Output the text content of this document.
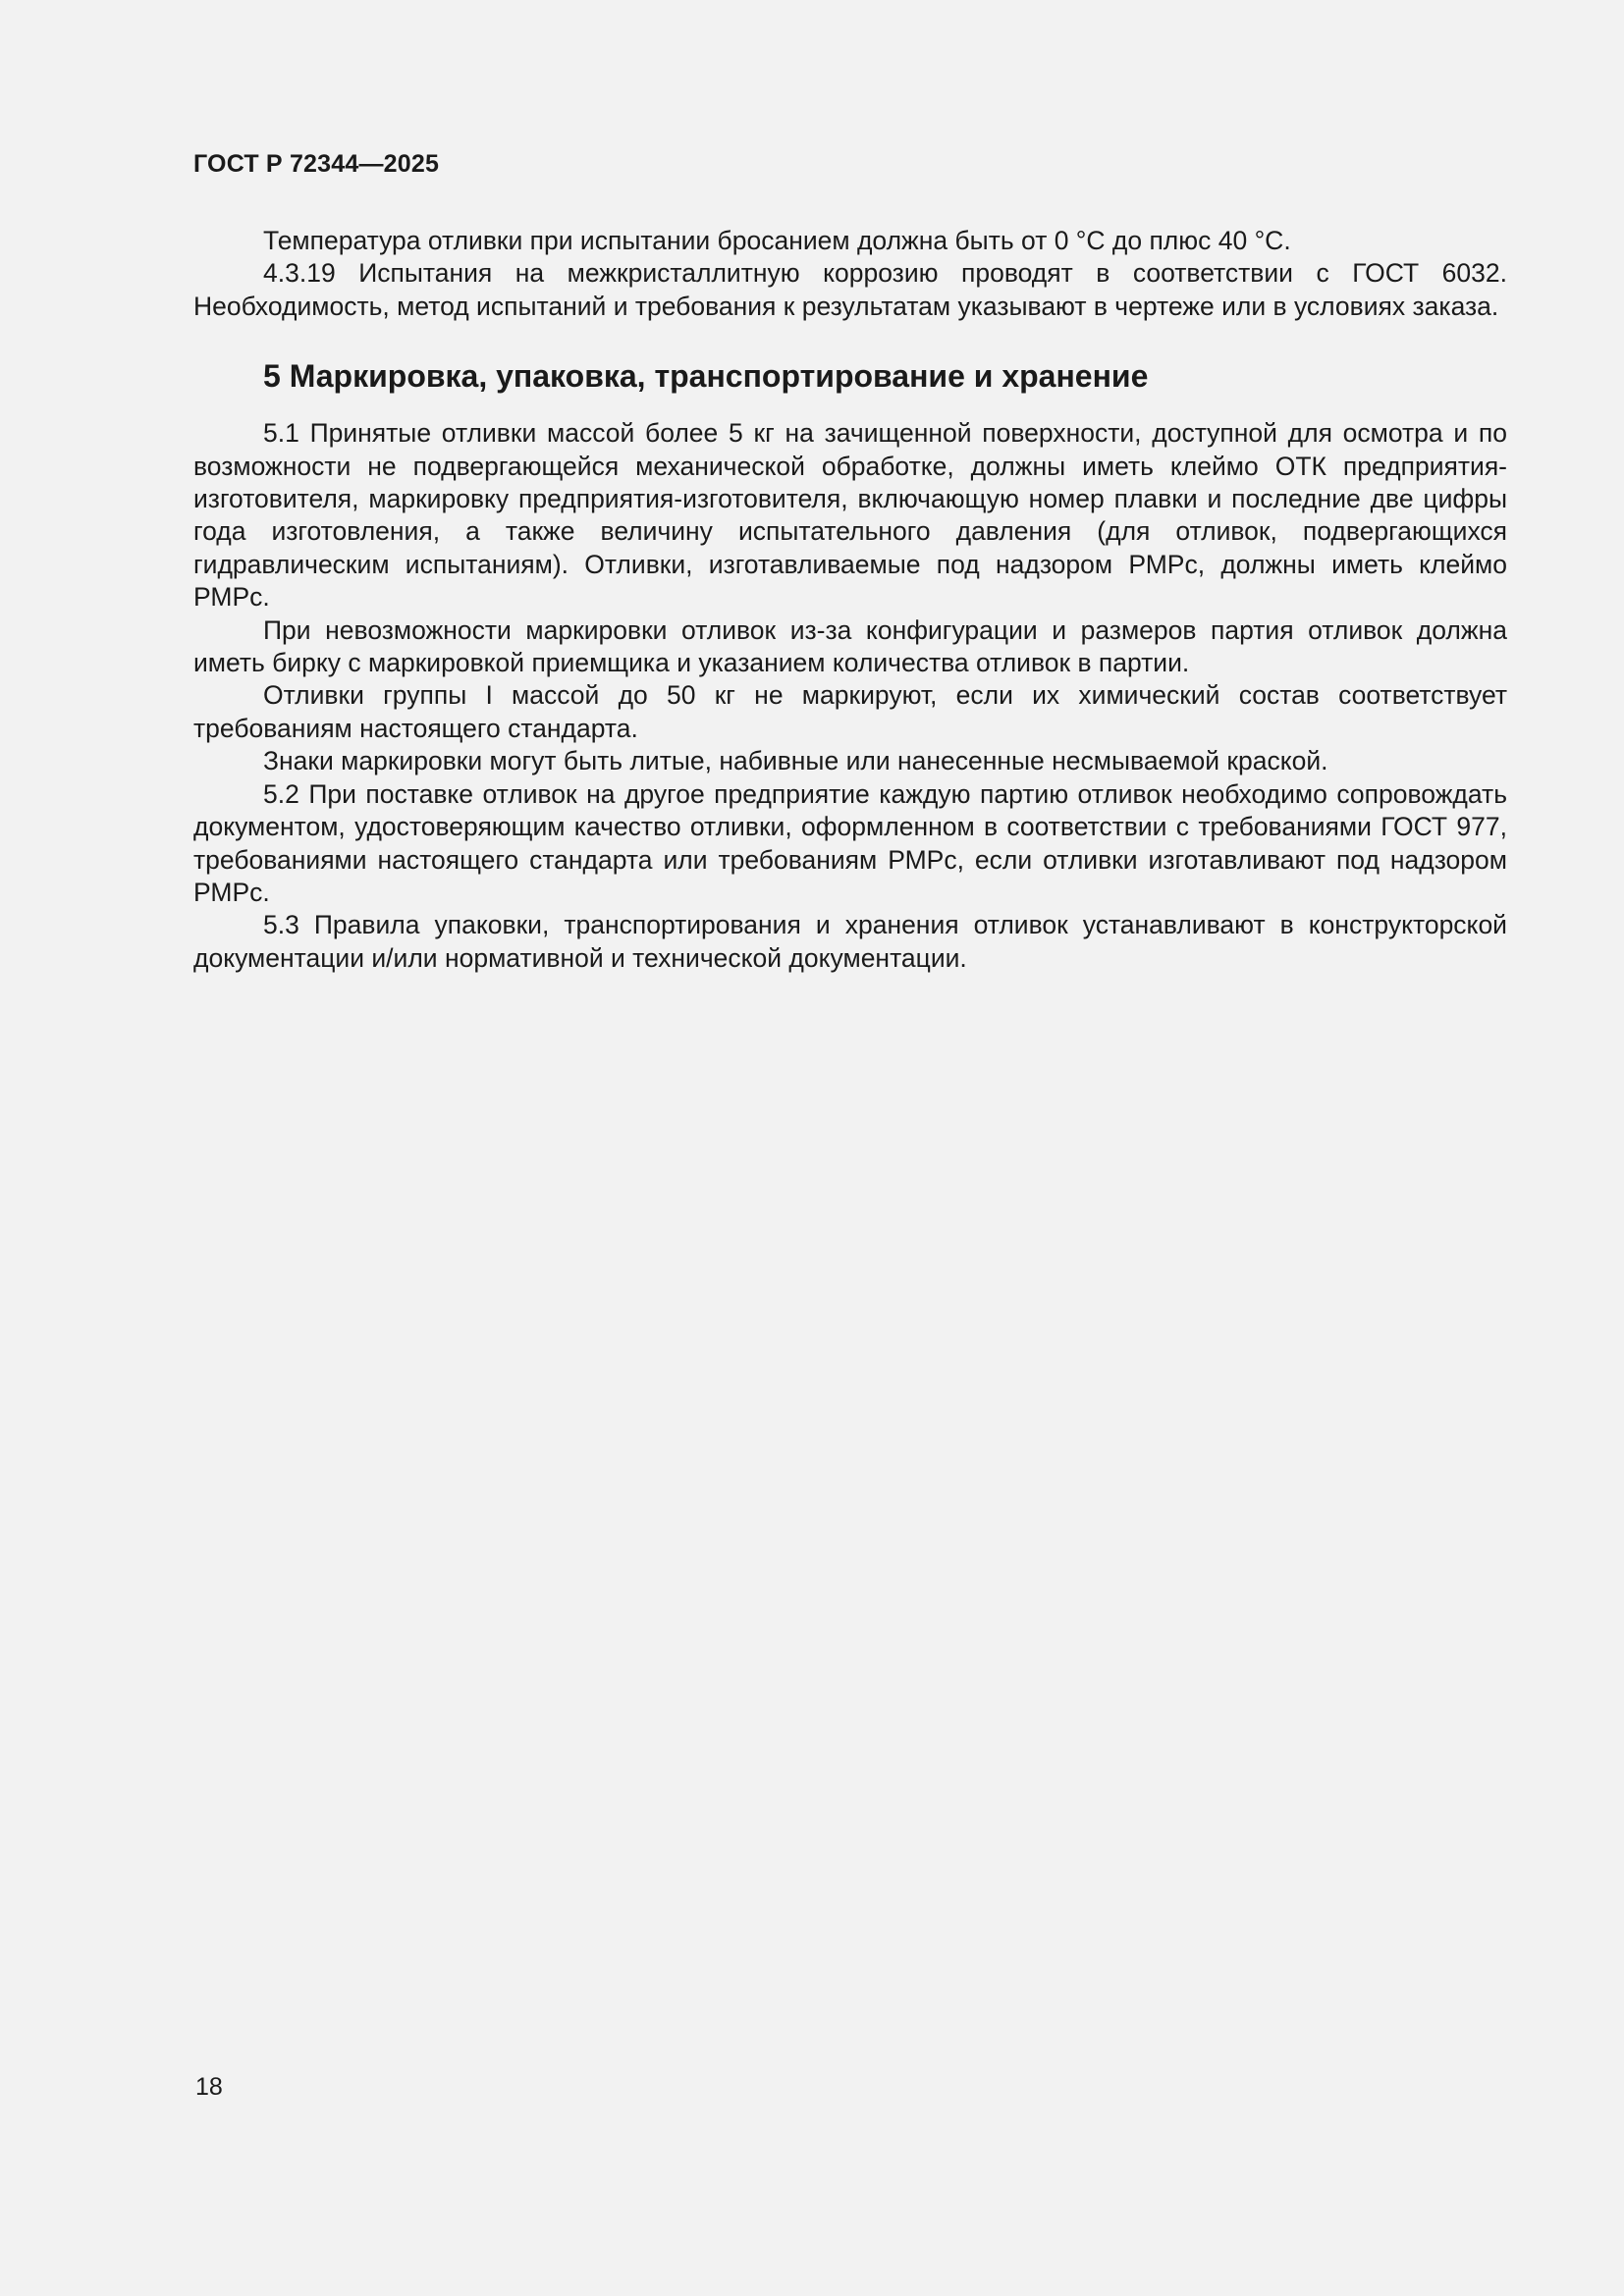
ГОСТ Р 72344—2025

Температура отливки при испытании бросанием должна быть от 0 °С до плюс 40 °С.

4.3.19 Испытания на межкристаллитную коррозию проводят в соответствии с ГОСТ 6032. Необходимость, метод испытаний и требования к результатам указывают в чертеже или в условиях заказа.

5 Маркировка, упаковка, транспортирование и хранение

5.1 Принятые отливки массой более 5 кг на зачищенной поверхности, доступной для осмотра и по возможности не подвергающейся механической обработке, должны иметь клеймо ОТК предприятия-изготовителя, маркировку предприятия-изготовителя, включающую номер плавки и последние две цифры года изготовления, а также величину испытательного давления (для отливок, подвергающихся гидравлическим испытаниям). Отливки, изготавливаемые под надзором РМРс, должны иметь клеймо РМРс.

При невозможности маркировки отливок из-за конфигурации и размеров партия отливок должна иметь бирку с маркировкой приемщика и указанием количества отливок в партии.

Отливки группы I массой до 50 кг не маркируют, если их химический состав соответствует требованиям настоящего стандарта.

Знаки маркировки могут быть литые, набивные или нанесенные несмываемой краской.

5.2 При поставке отливок на другое предприятие каждую партию отливок необходимо сопровождать документом, удостоверяющим качество отливки, оформленном в соответствии с требованиями ГОСТ 977, требованиями настоящего стандарта или требованиям РМРс, если отливки изготавливают под надзором РМРс.

5.3 Правила упаковки, транспортирования и хранения отливок устанавливают в конструкторской документации и/или нормативной и технической документации.

18
